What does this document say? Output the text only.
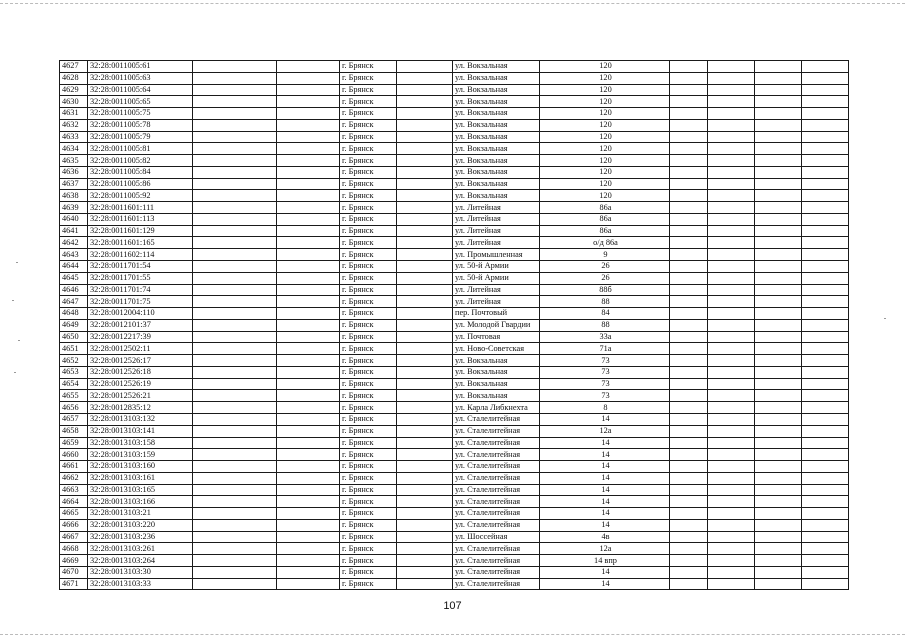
4627	32:28:0011005:61			г. Брянск		ул. Вокзальная	120				
4628	32:28:0011005:63			г. Брянск		ул. Вокзальная	120				
4629	32:28:0011005:64			г. Брянск		ул. Вокзальная	120				
4630	32:28:0011005:65			г. Брянск		ул. Вокзальная	120				
4631	32:28:0011005:75			г. Брянск		ул. Вокзальная	120				
4632	32:28:0011005:78			г. Брянск		ул. Вокзальная	120				
4633	32:28:0011005:79			г. Брянск		ул. Вокзальная	120				
4634	32:28:0011005:81			г. Брянск		ул. Вокзальная	120				
4635	32:28:0011005:82			г. Брянск		ул. Вокзальная	120				
4636	32:28:0011005:84			г. Брянск		ул. Вокзальная	120				
4637	32:28:0011005:86			г. Брянск		ул. Вокзальная	120				
4638	32:28:0011005:92			г. Брянск		ул. Вокзальная	120				
4639	32:28:0011601:111			г. Брянск		ул. Литейная	86а				
4640	32:28:0011601:113			г. Брянск		ул. Литейная	86а				
4641	32:28:0011601:129			г. Брянск		ул. Литейная	86а				
4642	32:28:0011601:165			г. Брянск		ул. Литейная	о/д 86а				
4643	32:28:0011602:114			г. Брянск		ул. Промышленная	9				
4644	32:28:0011701:54			г. Брянск		ул. 50-й Армии	26				
4645	32:28:0011701:55			г. Брянск		ул. 50-й Армии	26				
4646	32:28:0011701:74			г. Брянск		ул. Литейная	88б				
4647	32:28:0011701:75			г. Брянск		ул. Литейная	88				
4648	32:28:0012004:110			г. Брянск		пер. Почтовый	84				
4649	32:28:0012101:37			г. Брянск		ул. Молодой Гвардии	88				
4650	32:28:0012217:39			г. Брянск		ул. Почтовая	33а				
4651	32:28:0012502:11			г. Брянск		ул. Ново-Советская	71а				
4652	32:28:0012526:17			г. Брянск		ул. Вокзальная	73				
4653	32:28:0012526:18			г. Брянск		ул. Вокзальная	73				
4654	32:28:0012526:19			г. Брянск		ул. Вокзальная	73				
4655	32:28:0012526:21			г. Брянск		ул. Вокзальная	73				
4656	32:28:0012835:12			г. Брянск		ул. Карла Либкнехта	8				
4657	32:28:0013103:132			г. Брянск		ул. Сталелитейная	14				
4658	32:28:0013103:141			г. Брянск		ул. Сталелитейная	12а				
4659	32:28:0013103:158			г. Брянск		ул. Сталелитейная	14				
4660	32:28:0013103:159			г. Брянск		ул. Сталелитейная	14				
4661	32:28:0013103:160			г. Брянск		ул. Сталелитейная	14				
4662	32:28:0013103:161			г. Брянск		ул. Сталелитейная	14				
4663	32:28:0013103:165			г. Брянск		ул. Сталелитейная	14				
4664	32:28:0013103:166			г. Брянск		ул. Сталелитейная	14				
4665	32:28:0013103:21			г. Брянск		ул. Сталелитейная	14				
4666	32:28:0013103:220			г. Брянск		ул. Сталелитейная	14				
4667	32:28:0013103:236			г. Брянск		ул. Шоссейная	4в				
4668	32:28:0013103:261			г. Брянск		ул. Сталелитейная	12а				
4669	32:28:0013103:264			г. Брянск		ул. Сталелитейная	14 впр				
4670	32:28:0013103:30			г. Брянск		ул. Сталелитейная	14				
4671	32:28:0013103:33			г. Брянск		ул. Сталелитейная	14				
107
